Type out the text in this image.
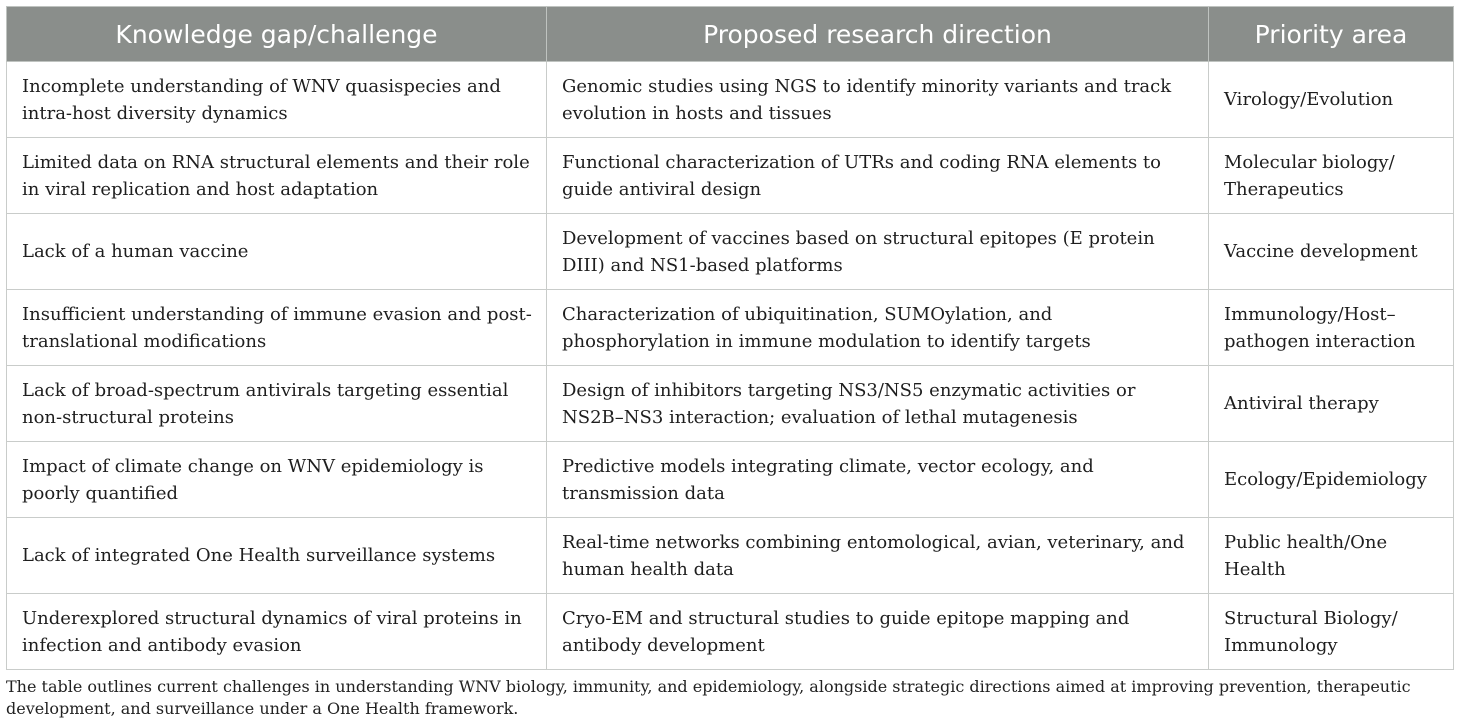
Knowledge gap/challenge	Proposed research direction	Priority area
Incomplete understanding of WNV quasispecies and intra-host diversity dynamics	Genomic studies using NGS to identify minority variants and track evolution in hosts and tissues	Virology/Evolution
Limited data on RNA structural elements and their role in viral replication and host adaptation	Functional characterization of UTRs and coding RNA elements to guide antiviral design	Molecular biology/ Therapeutics
Lack of a human vaccine	Development of vaccines based on structural epitopes (E protein DIII) and NS1-based platforms	Vaccine development
Insufficient understanding of immune evasion and post-translational modifications	Characterization of ubiquitination, SUMOylation, and phosphorylation in immune modulation to identify targets	Immunology/Host–pathogen interaction
Lack of broad-spectrum antivirals targeting essential non-structural proteins	Design of inhibitors targeting NS3/NS5 enzymatic activities or NS2B–NS3 interaction; evaluation of lethal mutagenesis	Antiviral therapy
Impact of climate change on WNV epidemiology is poorly quantified	Predictive models integrating climate, vector ecology, and transmission data	Ecology/Epidemiology
Lack of integrated One Health surveillance systems	Real-time networks combining entomological, avian, veterinary, and human health data	Public health/One Health
Underexplored structural dynamics of viral proteins in infection and antibody evasion	Cryo-EM and structural studies to guide epitope mapping and antibody development	Structural Biology/ Immunology
The table outlines current challenges in understanding WNV biology, immunity, and epidemiology, alongside strategic directions aimed at improving prevention, therapeutic development, and surveillance under a One Health framework.
